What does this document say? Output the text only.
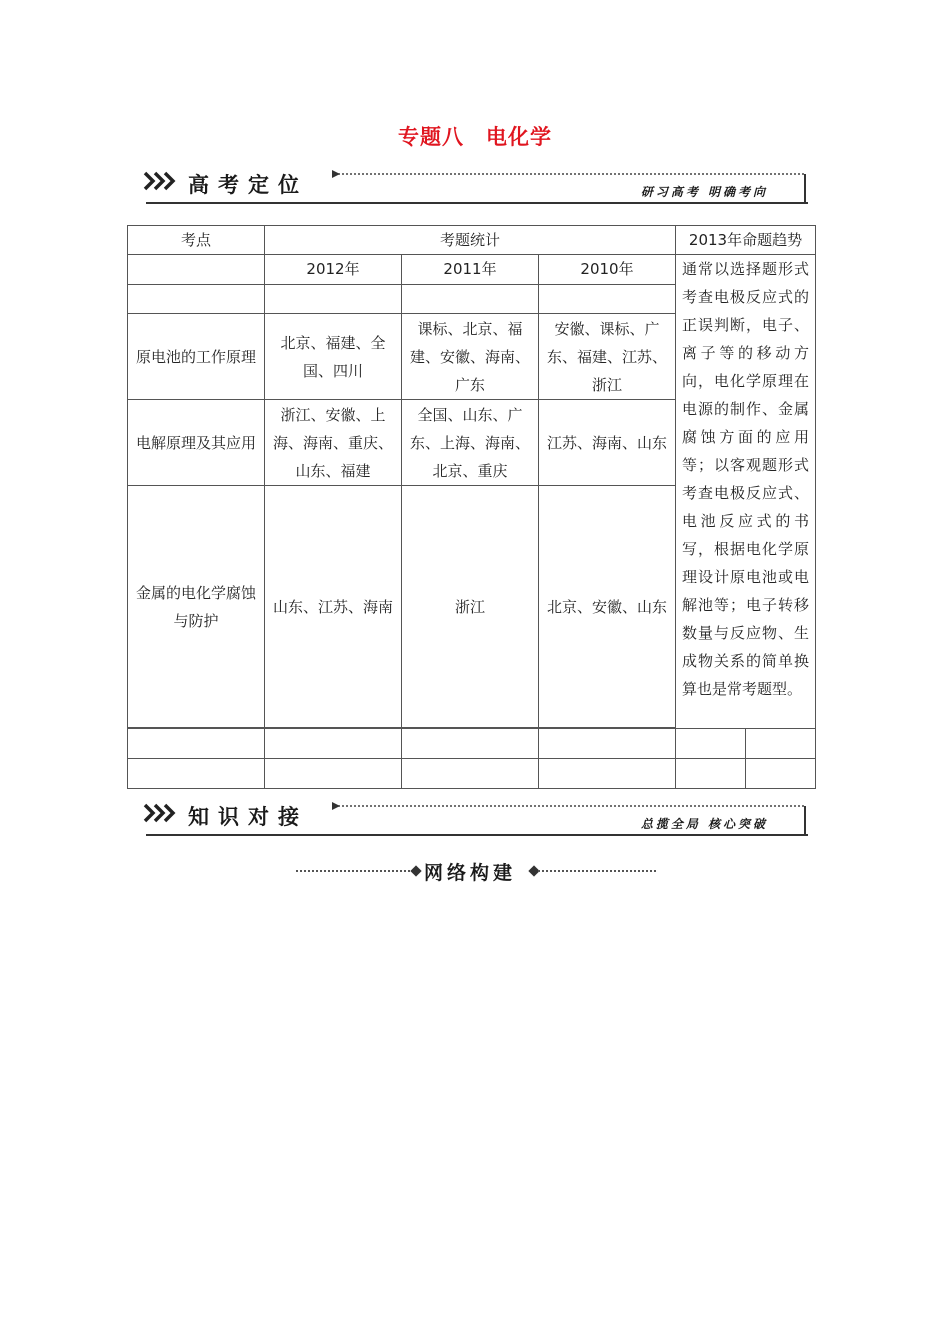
专题八　电化学
高考定位	研习高考 明确考向
考点	考题统计			2013年命题趋势	
	2012年	2011年	2010年	通常以选择题形式考查电极反应式的正误判断，电子、离子等的移动方向，电化学原理在电源的制作、金属腐蚀方面的应用等；以客观题形式考查电极反应式、电池反应式的书写，根据电化学原理设计原电池或电解池等；电子转移数量与反应物、生成物关系的简单换算也是常考题型。	

原电池的工作原理	北京、福建、全国、四川	课标、北京、福建、安徽、海南、广东	安徽、课标、广东、福建、江苏、浙江		
电解原理及其应用	浙江、安徽、上海、海南、重庆、山东、福建	全国、山东、广东、上海、海南、北京、重庆	江苏、海南、山东		
金属的电化学腐蚀与防护	山东、江苏、海南	浙江	北京、安徽、山东		

知识对接	总揽全局 核心突破
网络构建
